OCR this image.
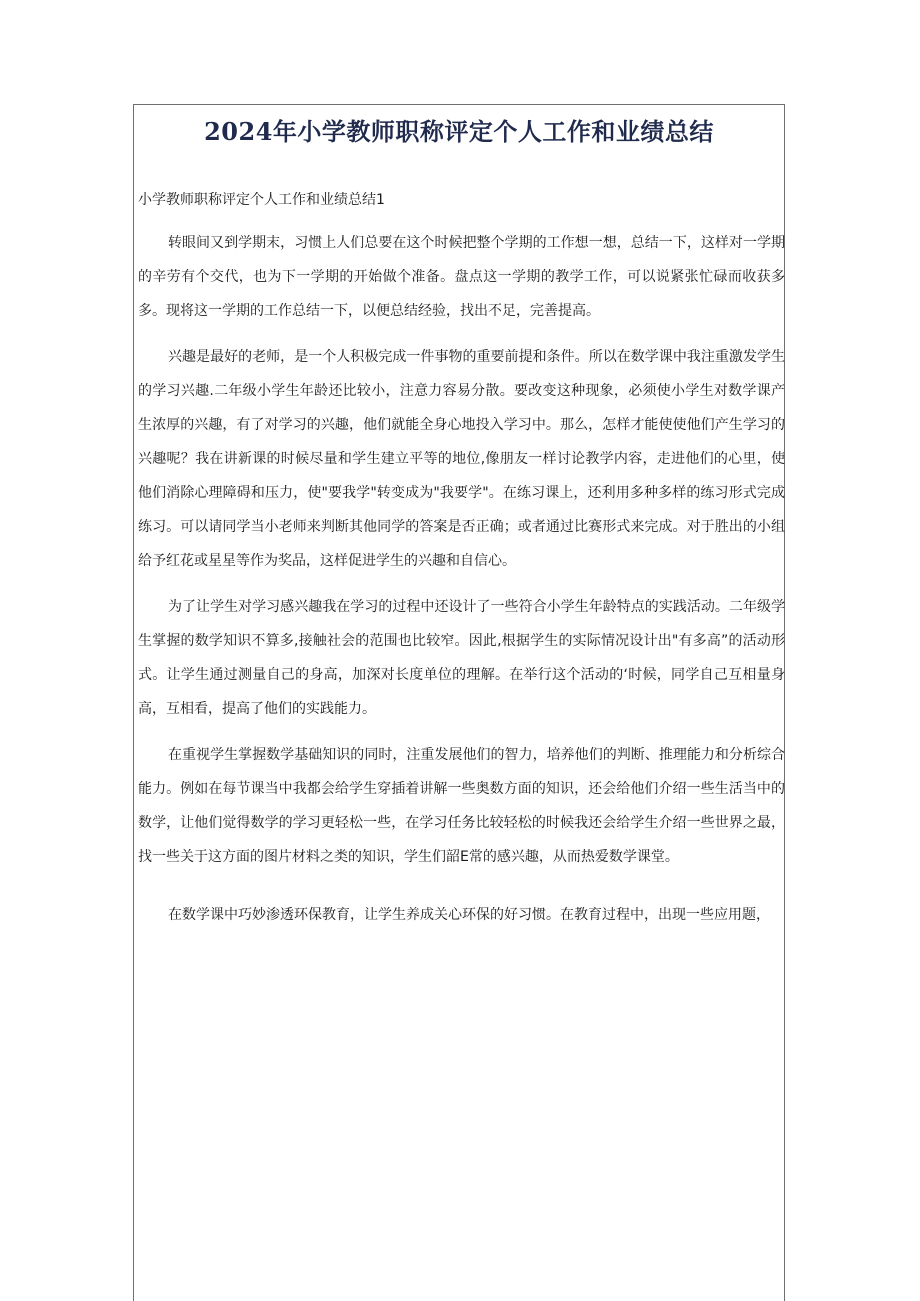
2024年小学教师职称评定个人工作和业绩总结

小学教师职称评定个人工作和业绩总结1

转眼间又到学期末，习惯上人们总要在这个时候把整个学期的工作想一想，总结一下，这样对一学期的辛劳有个交代，也为下一学期的开始做个准备。盘点这一学期的教学工作，可以说紧张忙碌而收获多多。现将这一学期的工作总结一下，以便总结经验，找出不足，完善提高。

兴趣是最好的老师，是一个人积极完成一件事物的重要前提和条件。所以在数学课中我注重激发学生的学习兴趣.二年级小学生年龄还比较小，注意力容易分散。要改变这种现象，必须使小学生对数学课产生浓厚的兴趣，有了对学习的兴趣，他们就能全身心地投入学习中。那么，怎样才能使使他们产生学习的兴趣呢？我在讲新课的时候尽量和学生建立平等的地位,像朋友一样讨论教学内容，走进他们的心里，使他们消除心理障碍和压力，使"要我学"转变成为"我要学"。在练习课上，还利用多种多样的练习形式完成练习。可以请同学当小老师来判断其他同学的答案是否正确；或者通过比赛形式来完成。对于胜出的小组给予红花或星星等作为奖品，这样促进学生的兴趣和自信心。

为了让学生对学习感兴趣我在学习的过程中还设计了一些符合小学生年龄特点的实践活动。二年级学生掌握的数学知识不算多,接触社会的范围也比较窄。因此,根据学生的实际情况设计出"有多高”的活动形式。让学生通过测量自己的身高，加深对长度单位的理解。在举行这个活动的‘时候，同学自己互相量身高，互相看，提高了他们的实践能力。

在重视学生掌握数学基础知识的同时，注重发展他们的智力，培养他们的判断、推理能力和分析综合能力。例如在每节课当中我都会给学生穿插着讲解一些奥数方面的知识，还会给他们介绍一些生活当中的数学，让他们觉得数学的学习更轻松一些，在学习任务比较轻松的时候我还会给学生介绍一些世界之最，找一些关于这方面的图片材料之类的知识，学生们韶E常的感兴趣，从而热爱数学课堂。

在数学课中巧妙渗透环保教育，让学生养成关心环保的好习惯。在教育过程中，出现一些应用题，
